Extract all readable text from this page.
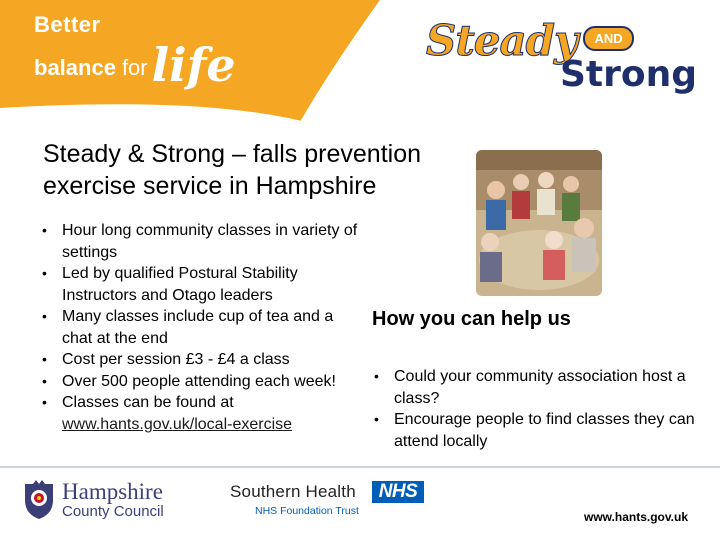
Better
balance forlife	Steady AND
Strong
Steady & Strong – falls prevention exercise service in Hampshire
• Hour long community classes in variety of settings
• Led by qualified Postural Stability Instructors and Otago leaders
• Many classes include cup of tea and a chat at the end
• Cost per session £3 - £4 a class
• Over 500 people attending each week!
• Classes can be found at
www.hants.gov.uk/local-exercise
How you can help us
• Could your community association host a class?
• Encourage people to find classes they can attend locally
Hampshire
County Council
Southern Health
NHS Foundation Trust
NHS
www.hants.gov.uk
